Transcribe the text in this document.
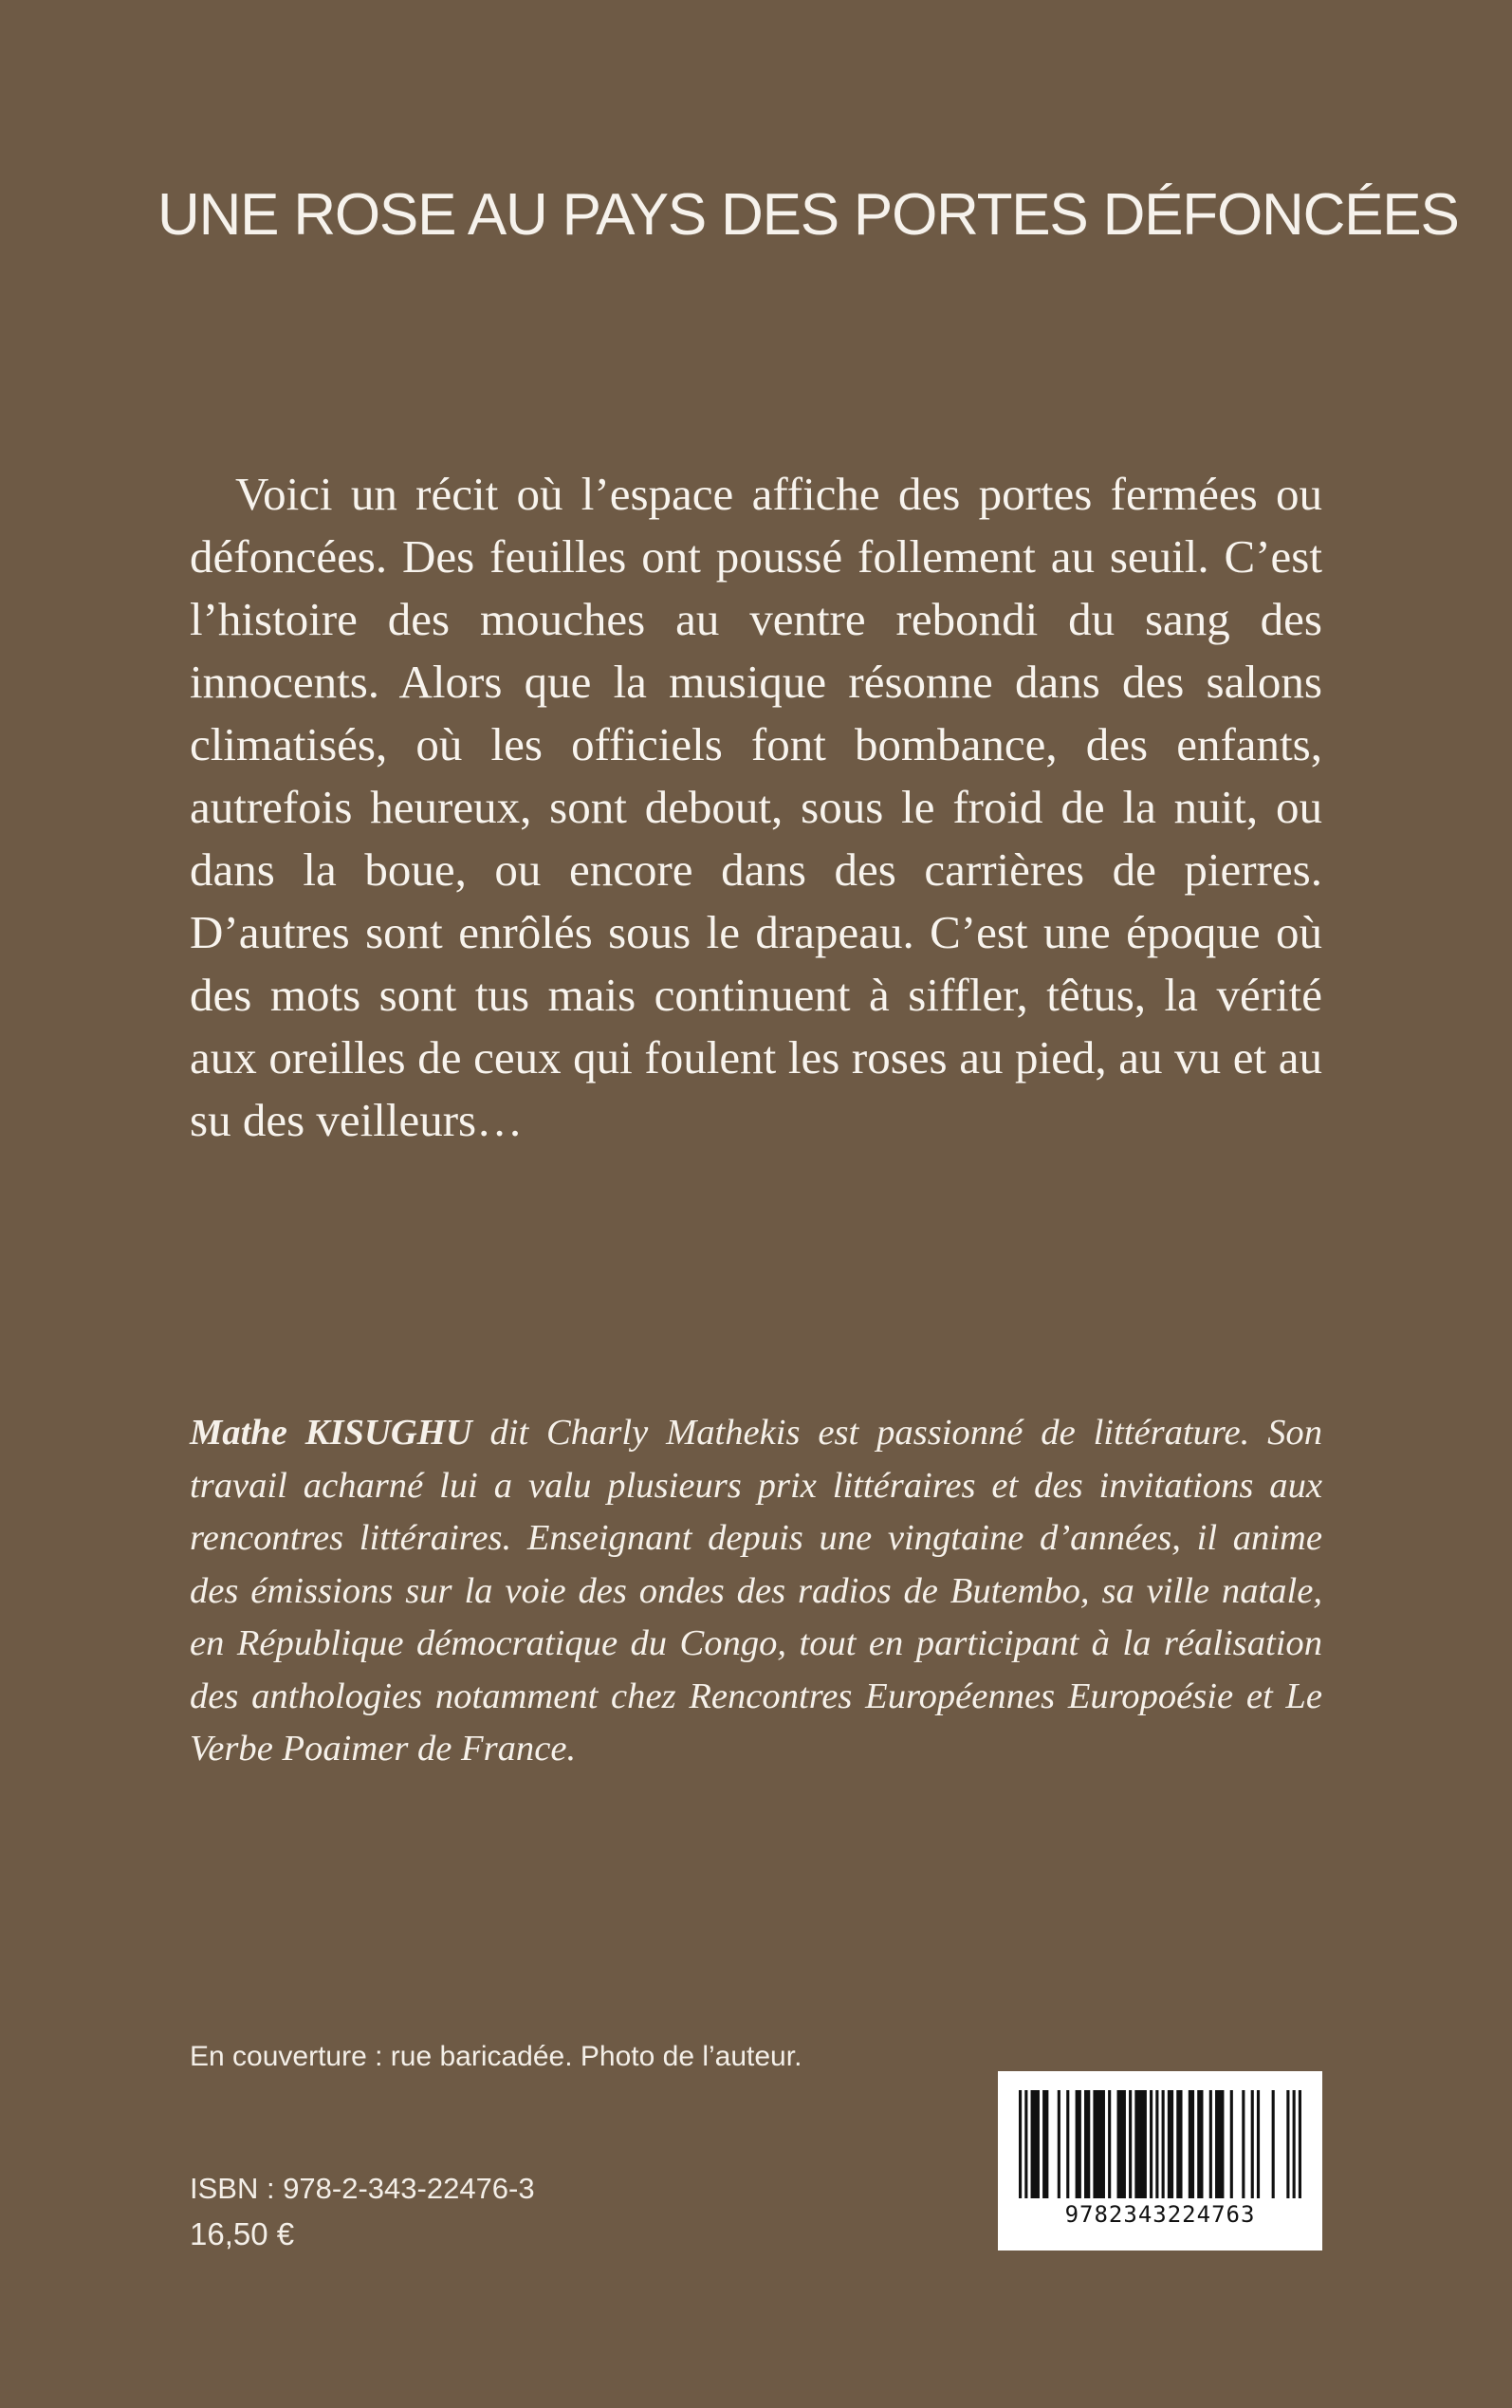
UNE ROSE AU PAYS DES PORTES DÉFONCÉES

Voici un récit où l’espace affiche des portes fermées ou défoncées. Des feuilles ont poussé follement au seuil. C’est l’histoire des mouches au ventre rebondi du sang des innocents. Alors que la musique résonne dans des salons climatisés, où les officiels font bombance, des enfants, autrefois heureux, sont debout, sous le froid de la nuit, ou dans la boue, ou encore dans des carrières de pierres. D’autres sont enrôlés sous le drapeau. C’est une époque où des mots sont tus mais continuent à siffler, têtus, la vérité aux oreilles de ceux qui foulent les roses au pied, au vu et au su des veilleurs…

Mathe KISUGHU dit Charly Mathekis est passionné de littérature. Son travail acharné lui a valu plusieurs prix littéraires et des invitations aux rencontres littéraires. Enseignant depuis une vingtaine d’années, il anime des émissions sur la voie des ondes des radios de Butembo, sa ville natale, en République démocratique du Congo, tout en participant à la réalisation des anthologies notamment chez Rencontres Européennes Europoésie et Le Verbe Poaimer de France.

En couverture : rue baricadée. Photo de l’auteur.
ISBN : 978-2-343-22476-3
16,50 €
9782343224763
